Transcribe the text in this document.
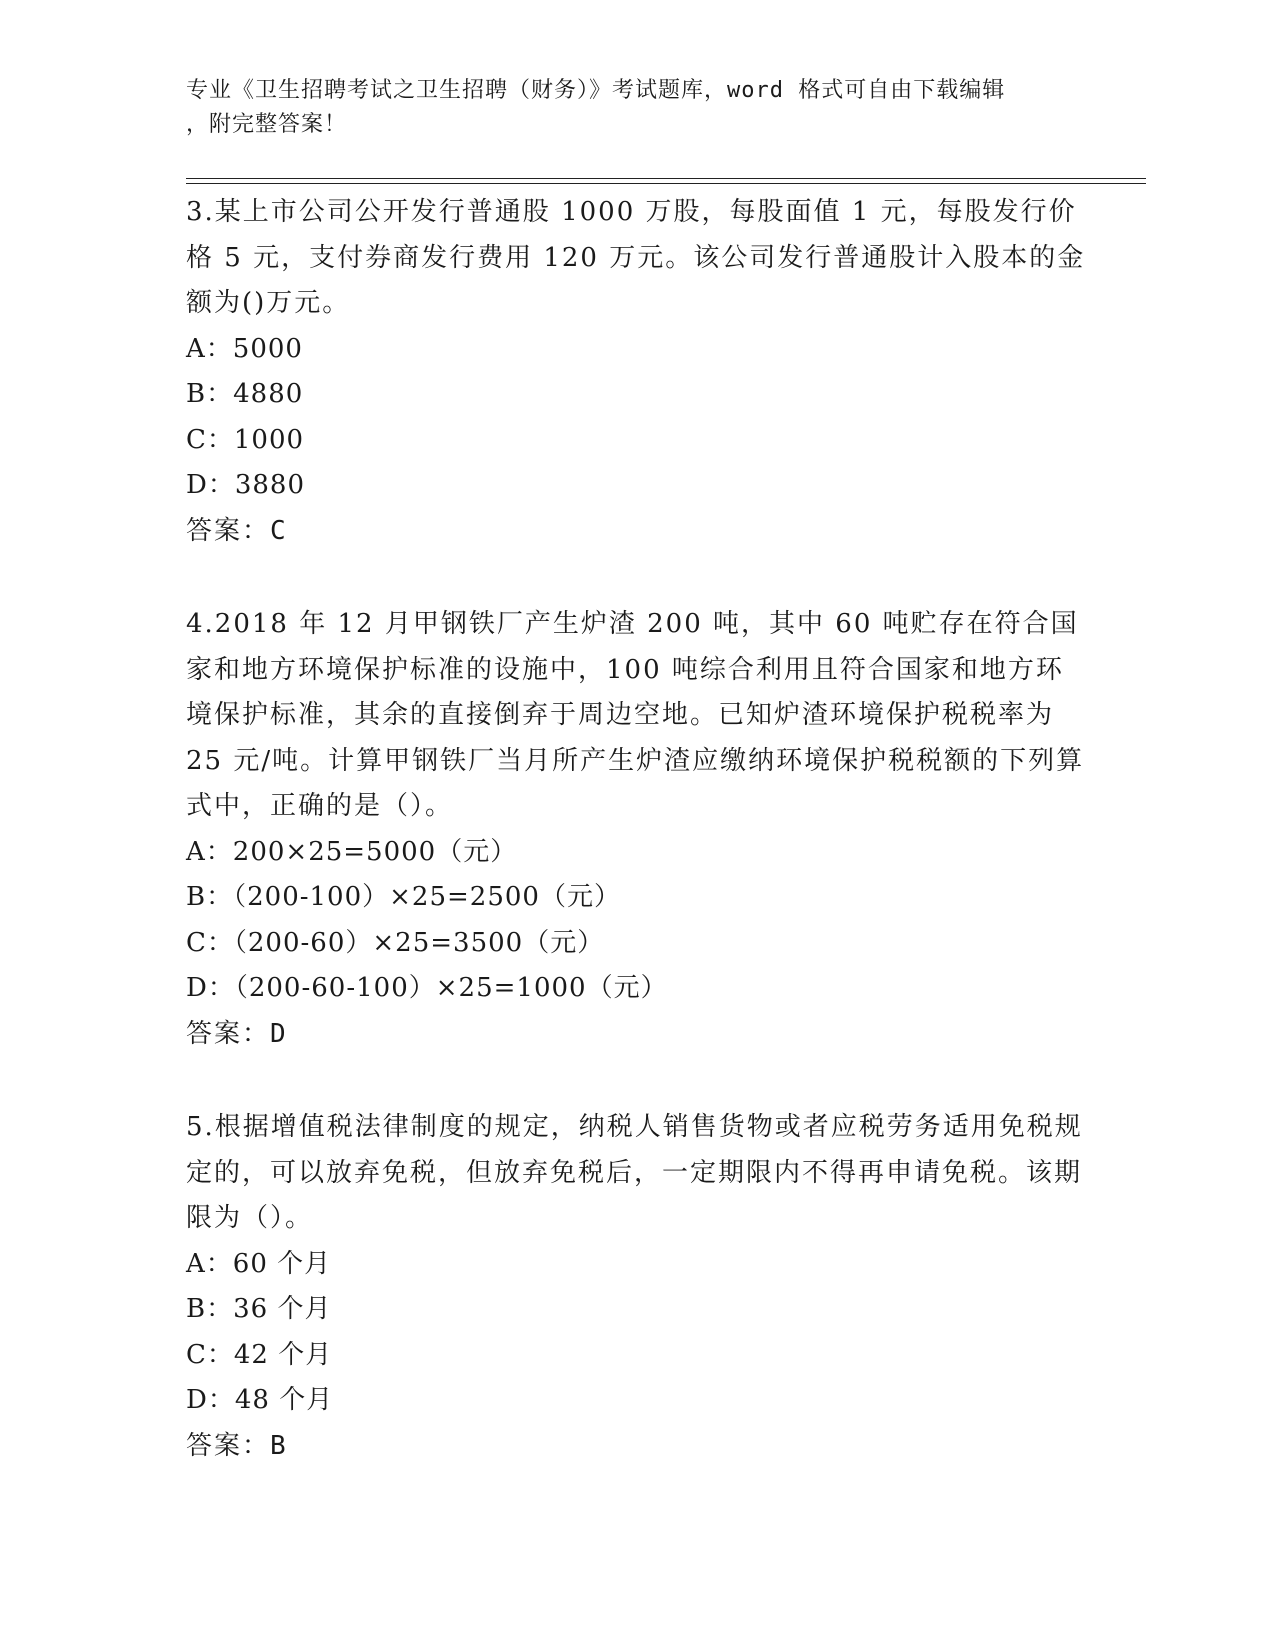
专业《卫生招聘考试之卫生招聘（财务）》考试题库，word 格式可自由下载编辑
，附完整答案！

3.某上市公司公开发行普通股 1000 万股，每股面值 1 元，每股发行价格 5 元，支付券商发行费用 120 万元。该公司发行普通股计入股本的金额为()万元。

A：5000

B：4880

C：1000

D：3880

答案：C

4.2018 年 12 月甲钢铁厂产生炉渣 200 吨，其中 60 吨贮存在符合国家和地方环境保护标准的设施中，100 吨综合利用且符合国家和地方环境保护标准，其余的直接倒弃于周边空地。已知炉渣环境保护税税率为 25 元/吨。计算甲钢铁厂当月所产生炉渣应缴纳环境保护税税额的下列算式中，正确的是（）。

A：200×25=5000（元）

B：（200-100）×25=2500（元）

C：（200-60）×25=3500（元）

D：（200-60-100）×25=1000（元）

答案：D

5.根据增值税法律制度的规定，纳税人销售货物或者应税劳务适用免税规定的，可以放弃免税，但放弃免税后，一定期限内不得再申请免税。该期限为（）。

A：60 个月

B：36 个月

C：42 个月

D：48 个月

答案：B
